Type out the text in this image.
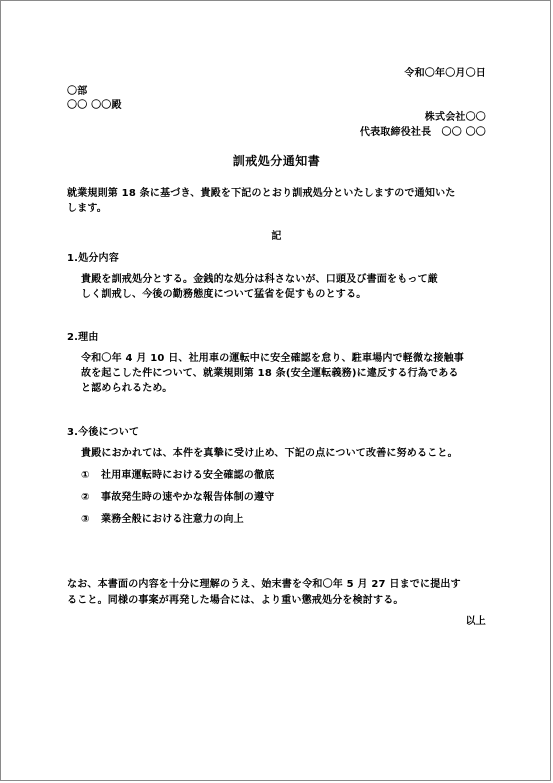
令和〇年〇月〇日
〇部
〇〇 〇〇殿
株式会社〇〇
代表取締役社長　〇〇 〇〇
訓戒処分通知書
就業規則第 18 条に基づき、貴殿を下記のとおり訓戒処分といたしますので通知いた
します。
記
1.処分内容
貴殿を訓戒処分とする。金銭的な処分は科さないが、口頭及び書面をもって厳
しく訓戒し、今後の勤務態度について猛省を促すものとする。
2.理由
令和〇年 4 月 10 日、社用車の運転中に安全確認を怠り、駐車場内で軽微な接触事
故を起こした件について、就業規則第 18 条(安全運転義務)に違反する行為である
と認められるため。
3.今後について
貴殿におかれては、本件を真摯に受け止め、下記の点について改善に努めること。
① 社用車運転時における安全確認の徹底
② 事故発生時の速やかな報告体制の遵守
③ 業務全般における注意力の向上
なお、本書面の内容を十分に理解のうえ、始末書を令和〇年 5 月 27 日までに提出す
ること。同様の事案が再発した場合には、より重い懲戒処分を検討する。
以上
